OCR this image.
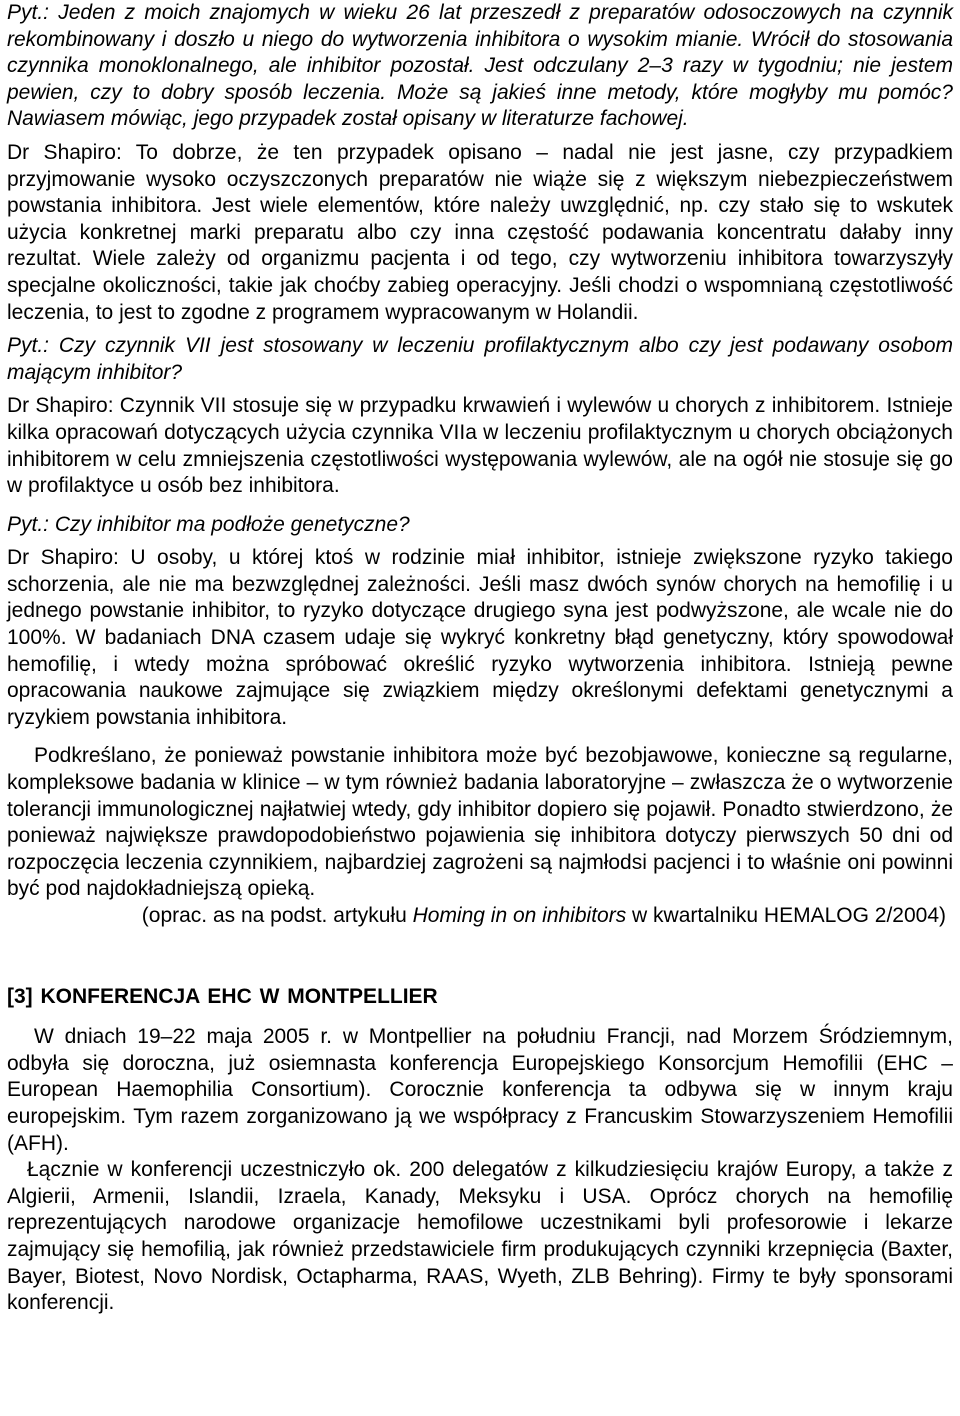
Pyt.: Jeden z moich znajomych w wieku 26 lat przeszedł z preparatów odosoczowych na czynnik rekombinowany i doszło u niego do wytworzenia inhibitora o wysokim mianie. Wrócił do stosowania czynnika monoklonalnego, ale inhibitor pozostał. Jest odczulany 2–3 razy w tygodniu; nie jestem pewien, czy to dobry sposób leczenia. Może są jakieś inne metody, które mogłyby mu pomóc? Nawiasem mówiąc, jego przypadek został opisany w literaturze fachowej.

Dr Shapiro: To dobrze, że ten przypadek opisano – nadal nie jest jasne, czy przypadkiem przyjmowanie wysoko oczyszczonych preparatów nie wiąże się z większym niebezpieczeństwem powstania inhibitora. Jest wiele elementów, które należy uwzględnić, np. czy stało się to wskutek użycia konkretnej marki preparatu albo czy inna częstość podawania koncentratu dałaby inny rezultat. Wiele zależy od organizmu pacjenta i od tego, czy wytworzeniu inhibitora towarzyszyły specjalne okoliczności, takie jak choćby zabieg operacyjny. Jeśli chodzi o wspomnianą częstotliwość leczenia, to jest to zgodne z programem wypracowanym w Holandii.

Pyt.: Czy czynnik VII jest stosowany w leczeniu profilaktycznym albo czy jest podawany osobom mającym inhibitor?

Dr Shapiro: Czynnik VII stosuje się w przypadku krwawień i wylewów u chorych z inhibitorem. Istnieje kilka opracowań dotyczących użycia czynnika VIIa w leczeniu profilaktycznym u chorych obciążonych inhibitorem w celu zmniejszenia częstotliwości występowania wylewów, ale na ogół nie stosuje się go w profilaktyce u osób bez inhibitora.

Pyt.: Czy inhibitor ma podłoże genetyczne?

Dr Shapiro: U osoby, u której ktoś w rodzinie miał inhibitor, istnieje zwiększone ryzyko takiego schorzenia, ale nie ma bezwzględnej zależności. Jeśli masz dwóch synów chorych na hemofilię i u jednego powstanie inhibitor, to ryzyko dotyczące drugiego syna jest podwyższone, ale wcale nie do 100%. W badaniach DNA czasem udaje się wykryć konkretny błąd genetyczny, który spowodował hemofilię, i wtedy można spróbować określić ryzyko wytworzenia inhibitora. Istnieją pewne opracowania naukowe zajmujące się związkiem między określonymi defektami genetycznymi a ryzykiem powstania inhibitora.

Podkreślano, że ponieważ powstanie inhibitora może być bezobjawowe, konieczne są regularne, kompleksowe badania w klinice – w tym również badania laboratoryjne – zwłaszcza że o wytworzenie tolerancji immunologicznej najłatwiej wtedy, gdy inhibitor dopiero się pojawił. Ponadto stwierdzono, że ponieważ największe prawdopodobieństwo pojawienia się inhibitora dotyczy pierwszych 50 dni od rozpoczęcia leczenia czynnikiem, najbardziej zagrożeni są najmłodsi pacjenci i to właśnie oni powinni być pod najdokładniejszą opieką.

(oprac. as na podst. artykułu Homing in on inhibitors w kwartalniku HEMALOG 2/2004)

[3] KONFERENCJA EHC W MONTPELLIER

W dniach 19–22 maja 2005 r. w Montpellier na południu Francji, nad Morzem Śródziemnym, odbyła się doroczna, już osiemnasta konferencja Europejskiego Konsorcjum Hemofilii (EHC – European Haemophilia Consortium). Corocznie konferencja ta odbywa się w innym kraju europejskim. Tym razem zorganizowano ją we współpracy z Francuskim Stowarzyszeniem Hemofilii (AFH).

Łącznie w konferencji uczestniczyło ok. 200 delegatów z kilkudziesięciu krajów Europy, a także z Algierii, Armenii, Islandii, Izraela, Kanady, Meksyku i USA. Oprócz chorych na hemofilię reprezentujących narodowe organizacje hemofilowe uczestnikami byli profesorowie i lekarze zajmujący się hemofilią, jak również przedstawiciele firm produkujących czynniki krzepnięcia (Baxter, Bayer, Biotest, Novo Nordisk, Octapharma, RAAS, Wyeth, ZLB Behring). Firmy te były sponsorami konferencji.
